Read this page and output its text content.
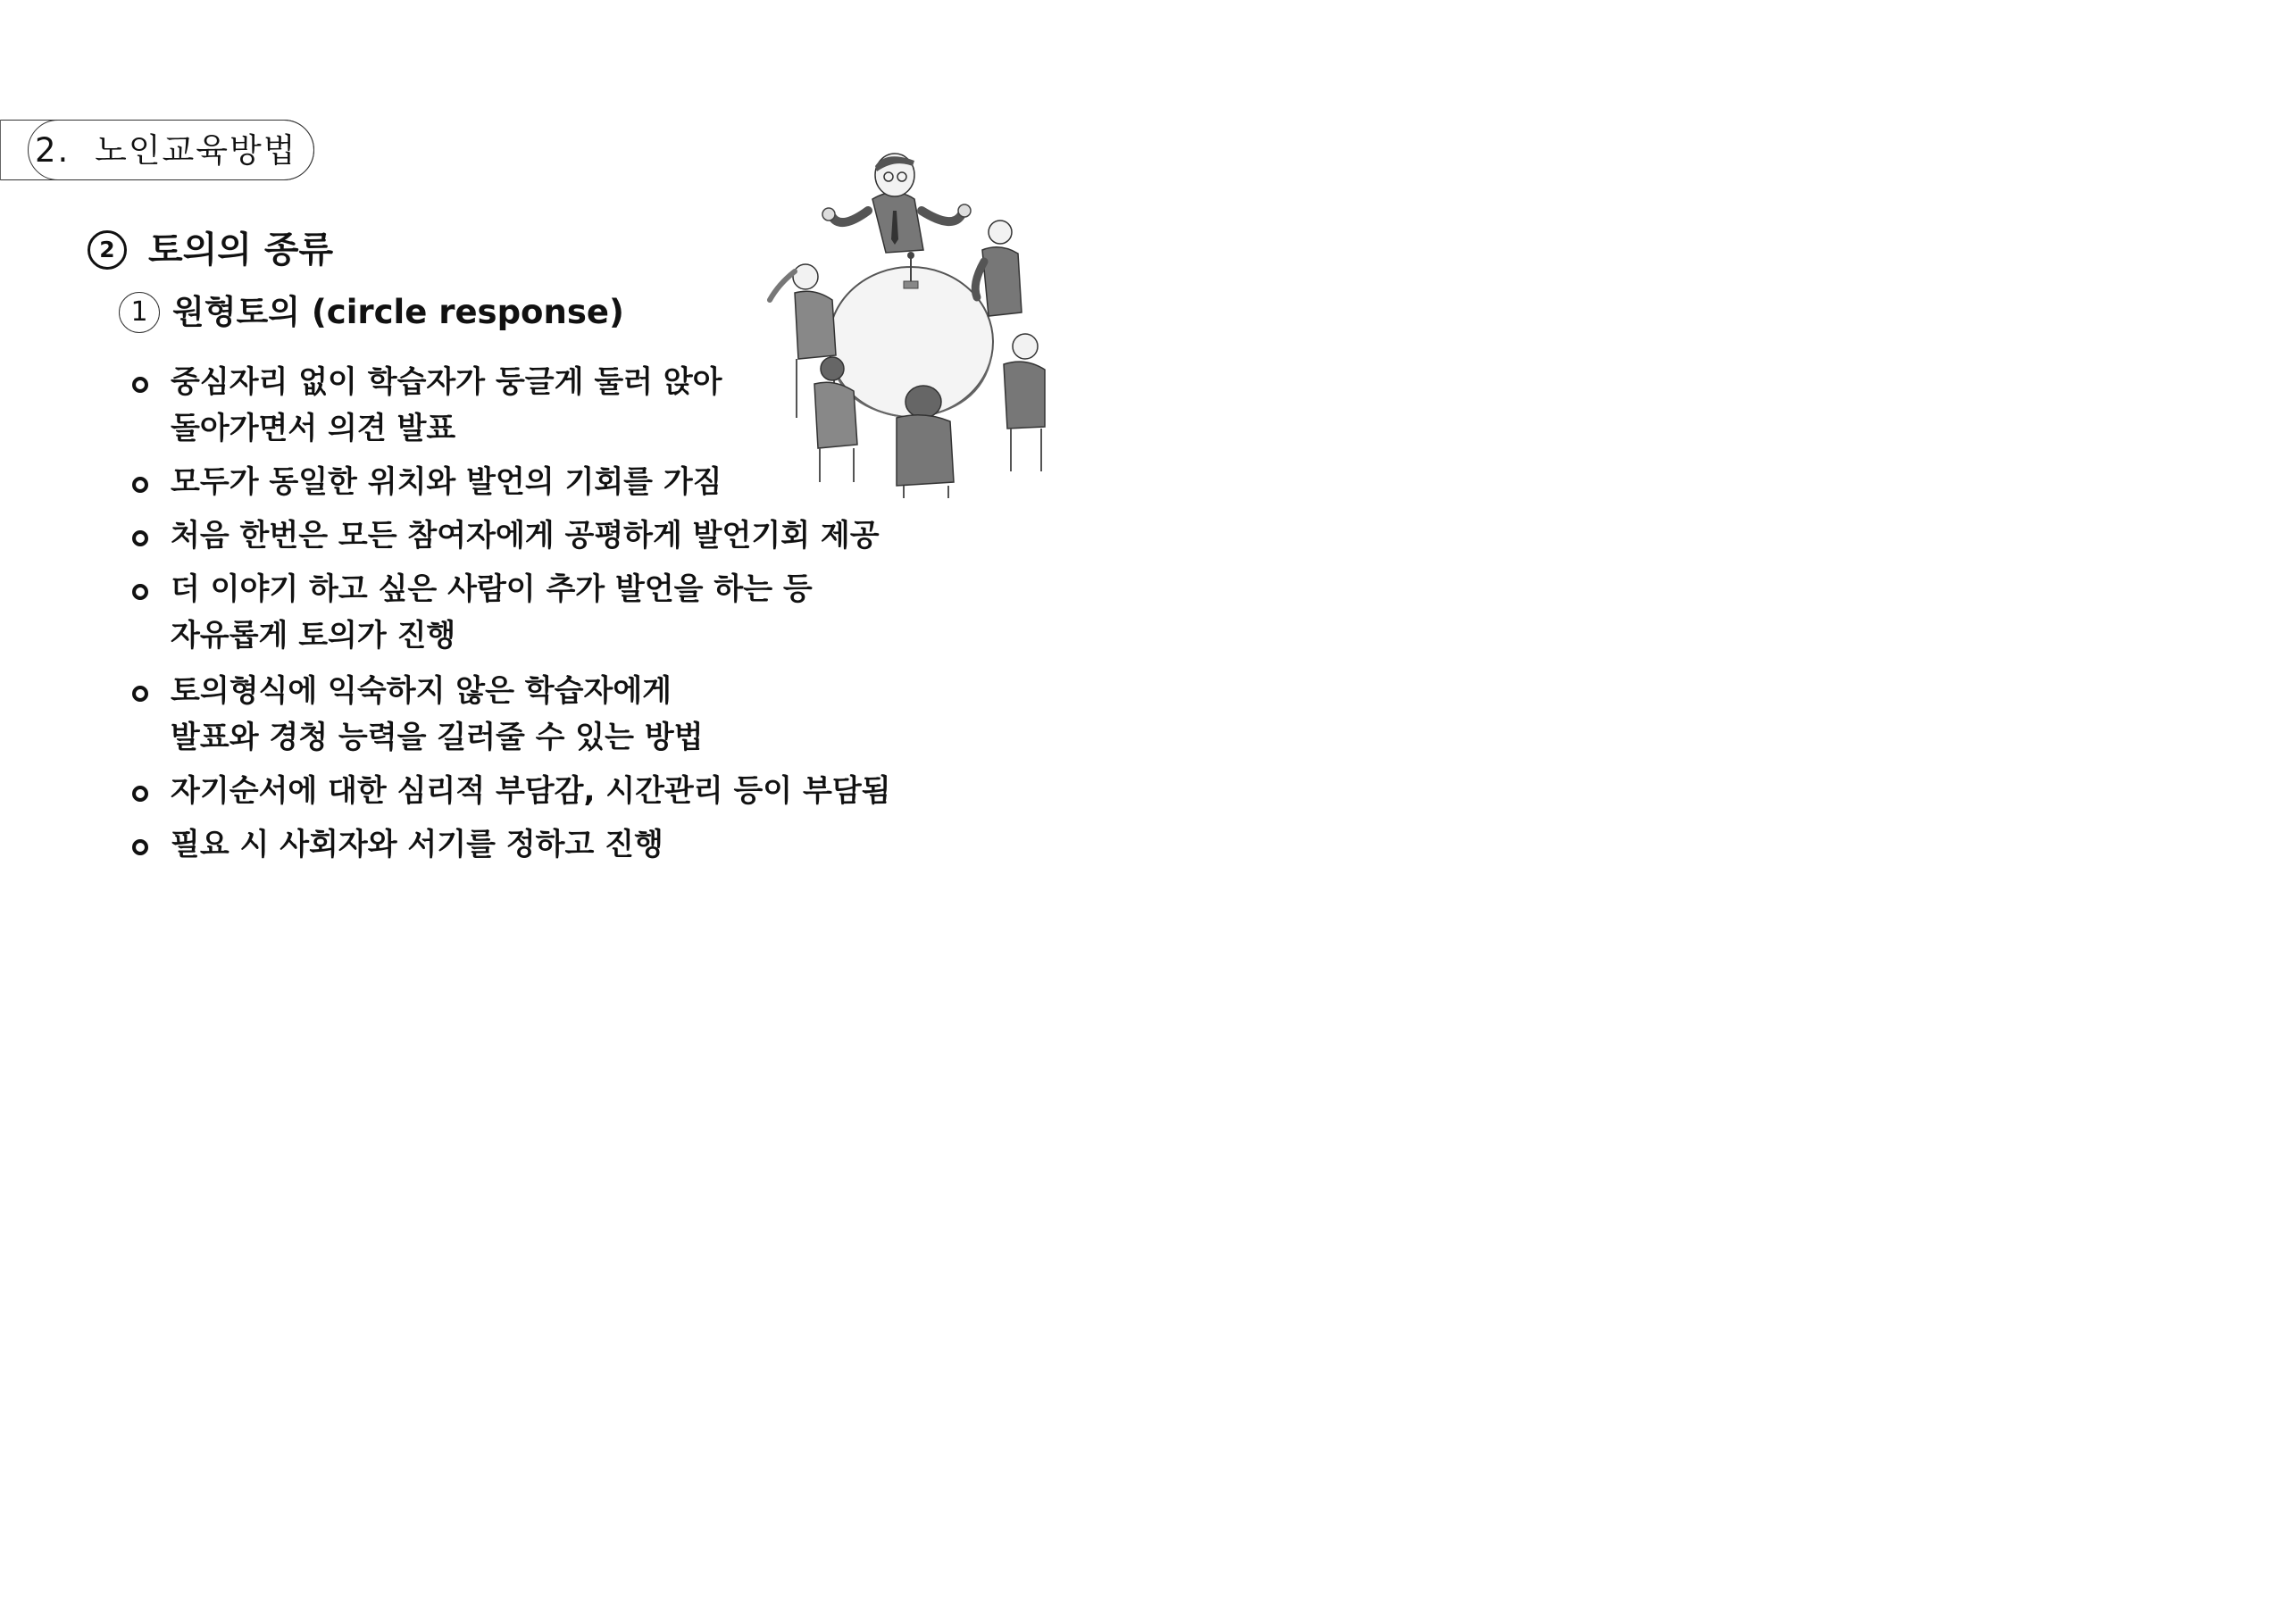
2. 노인교육방법
2 토의의 종류
1 원형토의 (circle response)
중심자리 없이 학습자가 둥글게 둘러 앉아
돌아가면서 의견 발표
모두가 동일한 위치와 발언의 기회를 가짐
처음 한번은 모든 참여자에게 공평하게 발언기회 제공
더 이야기 하고 싶은 사람이 추가 발언을 하는 등
자유롭게 토의가 진행
토의형식에 익숙하지 않은 학습자에게
발표와 경청 능력을 길러줄 수 있는 방법
자기순서에 대한 심리적 부담감, 시간관리 등이 부담됨
필요 시 사회자와 서기를 정하고 진행
